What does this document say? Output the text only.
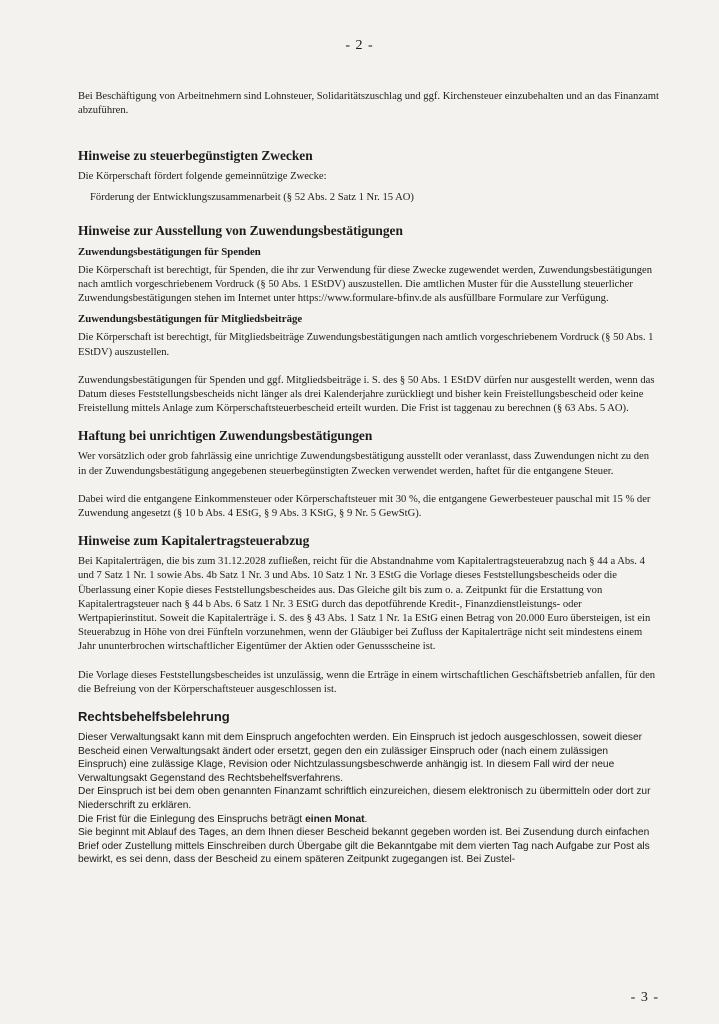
- 2 -

Bei Beschäftigung von Arbeitnehmern sind Lohnsteuer, Solidaritätszuschlag und ggf. Kirchensteuer einzubehalten und an das Finanzamt abzuführen.

Hinweise zu steuerbegünstigten Zwecken

Die Körperschaft fördert folgende gemeinnützige Zwecke:

Förderung der Entwicklungszusammenarbeit (§ 52 Abs. 2 Satz 1 Nr. 15 AO)

Hinweise zur Ausstellung von Zuwendungsbestätigungen
Zuwendungsbestätigungen für Spenden

Die Körperschaft ist berechtigt, für Spenden, die ihr zur Verwendung für diese Zwecke zugewendet werden, Zuwendungsbestätigungen nach amtlich vorgeschriebenem Vordruck (§ 50 Abs. 1 EStDV) auszustellen. Die amtlichen Muster für die Ausstellung steuerlicher Zuwendungsbestätigungen stehen im Internet unter https://www.formulare-bfinv.de als ausfüllbare Formulare zur Verfügung.

Zuwendungsbestätigungen für Mitgliedsbeiträge

Die Körperschaft ist berechtigt, für Mitgliedsbeiträge Zuwendungsbestätigungen nach amtlich vorgeschriebenem Vordruck (§ 50 Abs. 1 EStDV) auszustellen.

Zuwendungsbestätigungen für Spenden und ggf. Mitgliedsbeiträge i. S. des § 50 Abs. 1 EStDV dürfen nur ausgestellt werden, wenn das Datum dieses Feststellungsbescheids nicht länger als drei Kalenderjahre zurückliegt und bisher kein Freistellungsbescheid oder keine Freistellung mittels Anlage zum Körperschaftsteuerbescheid erteilt wurden. Die Frist ist taggenau zu berechnen (§ 63 Abs. 5 AO).

Haftung bei unrichtigen Zuwendungsbestätigungen

Wer vorsätzlich oder grob fahrlässig eine unrichtige Zuwendungsbestätigung ausstellt oder veranlasst, dass Zuwendungen nicht zu den in der Zuwendungsbestätigung angegebenen steuerbegünstigten Zwecken verwendet werden, haftet für die entgangene Steuer.

Dabei wird die entgangene Einkommensteuer oder Körperschaftsteuer mit 30 %, die entgangene Gewerbesteuer pauschal mit 15 % der Zuwendung angesetzt (§ 10 b Abs. 4 EStG, § 9 Abs. 3 KStG, § 9 Nr. 5 GewStG).

Hinweise zum Kapitalertragsteuerabzug

Bei Kapitalerträgen, die bis zum 31.12.2028 zufließen, reicht für die Abstandnahme vom Kapitalertragsteuerabzug nach § 44 a Abs. 4 und 7 Satz 1 Nr. 1 sowie Abs. 4b Satz 1 Nr. 3 und Abs. 10 Satz 1 Nr. 3 EStG die Vorlage dieses Feststellungsbescheids oder die Überlassung einer Kopie dieses Feststellungsbescheides aus. Das Gleiche gilt bis zum o. a. Zeitpunkt für die Erstattung von Kapitalertragsteuer nach § 44 b Abs. 6 Satz 1 Nr. 3 EStG durch das depotführende Kredit-, Finanzdienstleistungs- oder Wertpapierinstitut. Soweit die Kapitalerträge i. S. des § 43 Abs. 1 Satz 1 Nr. 1a EStG einen Betrag von 20.000 Euro übersteigen, ist ein Steuerabzug in Höhe von drei Fünfteln vorzunehmen, wenn der Gläubiger bei Zufluss der Kapitalerträge nicht seit mindestens einem Jahr ununterbrochen wirtschaftlicher Eigentümer der Aktien oder Genussscheine ist.

Die Vorlage dieses Feststellungsbescheides ist unzulässig, wenn die Erträge in einem wirtschaftlichen Geschäftsbetrieb anfallen, für den die Befreiung von der Körperschaftsteuer ausgeschlossen ist.

Rechtsbehelfsbelehrung

Dieser Verwaltungsakt kann mit dem Einspruch angefochten werden. Ein Einspruch ist jedoch ausgeschlossen, soweit dieser Bescheid einen Verwaltungsakt ändert oder ersetzt, gegen den ein zulässiger Einspruch oder (nach einem zulässigen Einspruch) eine zulässige Klage, Revision oder Nichtzulassungsbeschwerde anhängig ist. In diesem Fall wird der neue Verwaltungsakt Gegenstand des Rechtsbehelfsverfahrens.

Der Einspruch ist bei dem oben genannten Finanzamt schriftlich einzureichen, diesem elektronisch zu übermitteln oder dort zur Niederschrift zu erklären.

Die Frist für die Einlegung des Einspruchs beträgt einen Monat.

Sie beginnt mit Ablauf des Tages, an dem Ihnen dieser Bescheid bekannt gegeben worden ist. Bei Zusendung durch einfachen Brief oder Zustellung mittels Einschreiben durch Übergabe gilt die Bekanntgabe mit dem vierten Tag nach Aufgabe zur Post als bewirkt, es sei denn, dass der Bescheid zu einem späteren Zeitpunkt zugegangen ist. Bei Zustel-

- 3 -
